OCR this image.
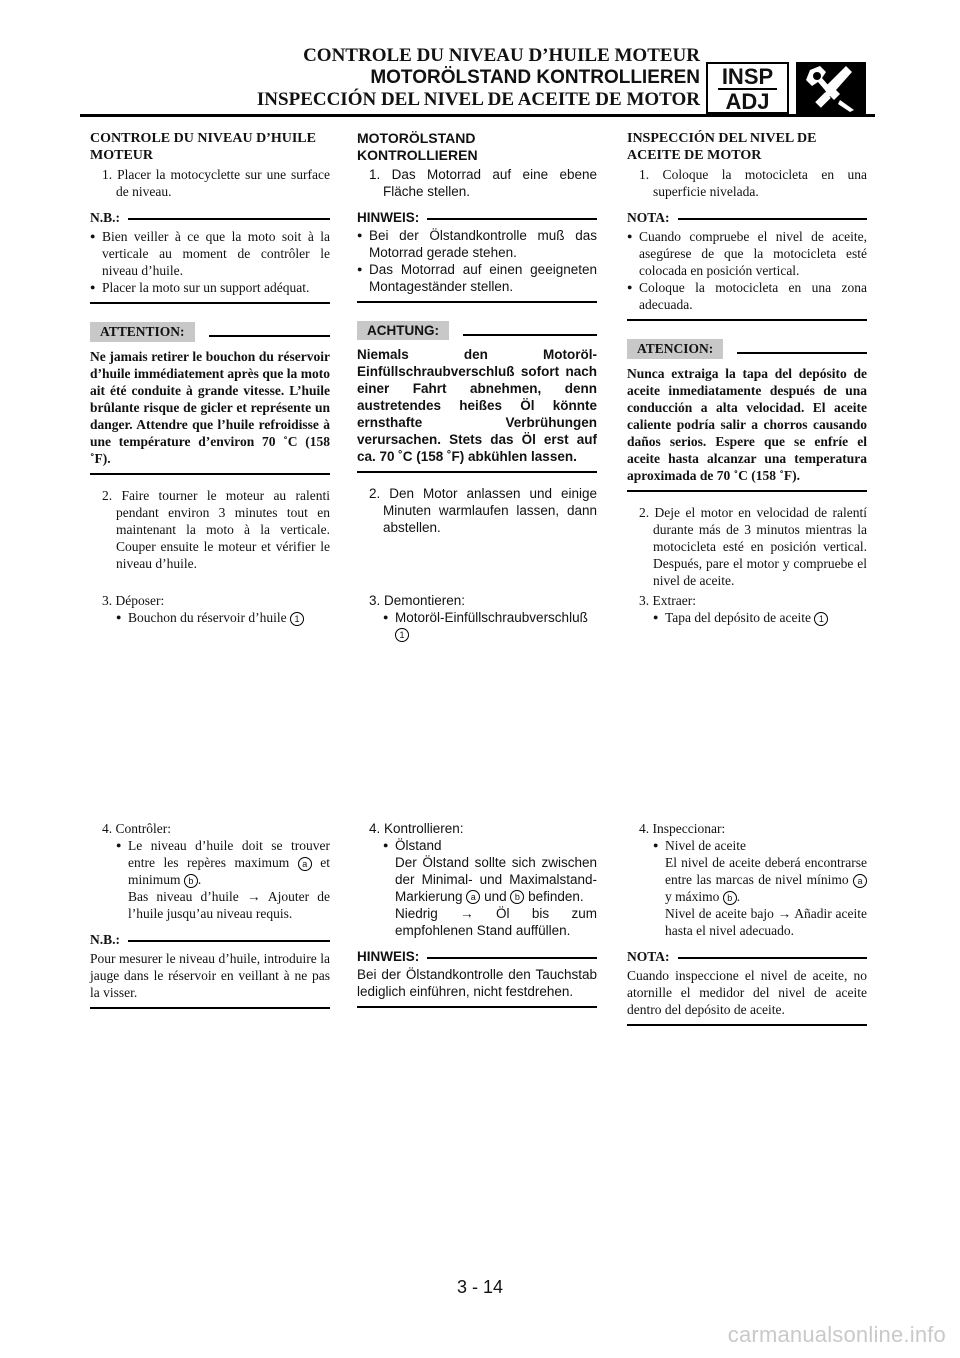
CONTROLE DU NIVEAU D’HUILE MOTEUR
MOTORÖLSTAND KONTROLLIEREN
INSPECCIÓN DEL NIVEL DE ACEITE DE MOTOR
INSP
ADJ

CONTROLE DU NIVEAU D’HUILE MOTEUR

1. Placer la motocyclette sur une surface de niveau.
N.B.:
● Bien veiller à ce que la moto soit à la verticale au moment de contrôler le niveau d’huile.
● Placer la moto sur un support adéquat.
ATTENTION:
Ne jamais retirer le bouchon du réservoir d’huile immédiatement après que la moto ait été conduite à grande vitesse. L’huile brûlante risque de gicler et représente un danger. Attendre que l’huile refroidisse à une température d’environ 70 ˚C (158 ˚F).
2. Faire tourner le moteur au ralenti pendant environ 3 minutes tout en maintenant la moto à la verticale. Couper ensuite le moteur et vérifier le niveau d’huile.
3. Déposer:
● Bouchon du réservoir d’huile 1
4. Contrôler:
● Le niveau d’huile doit se trouver entre les repères maximum a et minimum b .
Bas niveau d’huile → Ajouter de l’huile jusqu’au niveau requis.
N.B.:
Pour mesurer le niveau d’huile, introduire la jauge dans le réservoir en veillant à ne pas la visser.

MOTORÖLSTAND KONTROLLIEREN

1. Das Motorrad auf eine ebene Fläche stellen.
HINWEIS:
● Bei der Ölstandkontrolle muß das Motorrad gerade stehen.
● Das Motorrad auf einen geeigneten Montageständer stellen.
ACHTUNG:
Niemals den Motoröl-Einfüllschraubverschluß sofort nach einer Fahrt abnehmen, denn austretendes heißes Öl könnte ernsthafte Verbrühungen verursachen. Stets das Öl erst auf ca. 70 ˚C (158 ˚F) abkühlen lassen.
2. Den Motor anlassen und einige Minuten warmlaufen lassen, dann abstellen.
3. Demontieren:
● Motoröl-Einfüllschraubverschluß 1
4. Kontrollieren:
● Ölstand
Der Ölstand sollte sich zwischen der Minimal- und Maximalstand-Markierung a und b befinden.
Niedrig → Öl bis zum empfohlenen Stand auffüllen.
HINWEIS:
Bei der Ölstandkontrolle den Tauchstab lediglich einführen, nicht festdrehen.

INSPECCIÓN DEL NIVEL DE ACEITE DE MOTOR

1. Coloque la motocicleta en una superficie nivelada.
NOTA:
● Cuando compruebe el nivel de aceite, asegúrese de que la motocicleta esté colocada en posición vertical.
● Coloque la motocicleta en una zona adecuada.
ATENCION:
Nunca extraiga la tapa del depósito de aceite inmediatamente después de una conducción a alta velocidad. El aceite caliente podría salir a chorros causando daños serios. Espere que se enfríe el aceite hasta alcanzar una temperatura aproximada de 70 ˚C (158 ˚F).
2. Deje el motor en velocidad de ralentí durante más de 3 minutos mientras la motocicleta esté en posición vertical. Después, pare el motor y compruebe el nivel de aceite.
3. Extraer:
● Tapa del depósito de aceite 1
4. Inspeccionar:
● Nivel de aceite
El nivel de aceite deberá encontrarse entre las marcas de nivel mínimo a y máximo b .
Nivel de aceite bajo → Añadir aceite hasta el nivel adecuado.
NOTA:
Cuando inspeccione el nivel de aceite, no atornille el medidor del nivel de aceite dentro del depósito de aceite.
3 - 14
carmanualsonline.info
